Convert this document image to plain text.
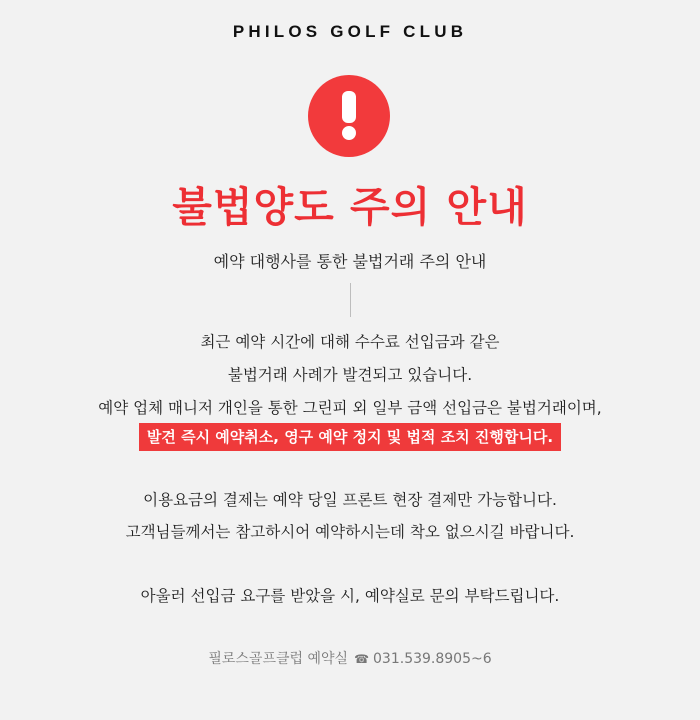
PHILOS GOLF CLUB
불법양도 주의 안내
예약 대행사를 통한 불법거래 주의 안내
최근 예약 시간에 대해 수수료 선입금과 같은
불법거래 사례가 발견되고 있습니다.
예약 업체 매니저 개인을 통한 그린피 외 일부 금액 선입금은 불법거래이며,
발견 즉시 예약취소, 영구 예약 정지 및 법적 조치 진행합니다.
이용요금의 결제는 예약 당일 프론트 현장 결제만 가능합니다.
고객님들께서는 참고하시어 예약하시는데 착오 없으시길 바랍니다.
아울러 선입금 요구를 받았을 시, 예약실로 문의 부탁드립니다.
필로스골프클럽 예약실 ☎ 031.539.8905~6
